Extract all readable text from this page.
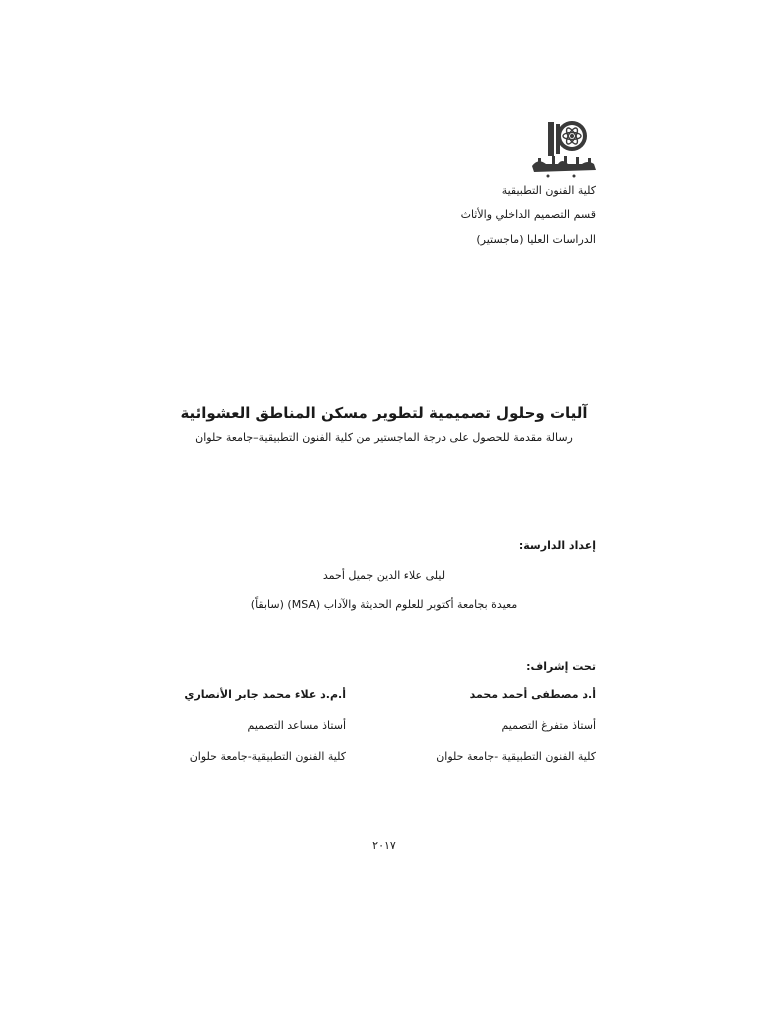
كلية الفنون التطبيقية
قسم التصميم الداخلي والأثاث
الدراسات العليا (ماجستير)
آليات وحلول تصميمية لتطوير مسكن المناطق العشوائية
رسالة مقدمة للحصول على درجة الماجستير من كلية الفنون التطبيقية–جامعة حلوان
إعداد الدارسة:
ليلى علاء الدين جميل أحمد
معيدة بجامعة أكتوبر للعلوم الحديثة والآداب (MSA) (سابقاً)
تحت إشراف:
أ.د مصطفى أحمد محمد
أستاذ متفرغ التصميم
كلية الفنون التطبيقية -جامعة حلوان
أ.م.د علاء محمد جابر الأنصاري
أستاذ مساعد التصميم
كلية الفنون التطبيقية-جامعة حلوان
٢٠١٧
